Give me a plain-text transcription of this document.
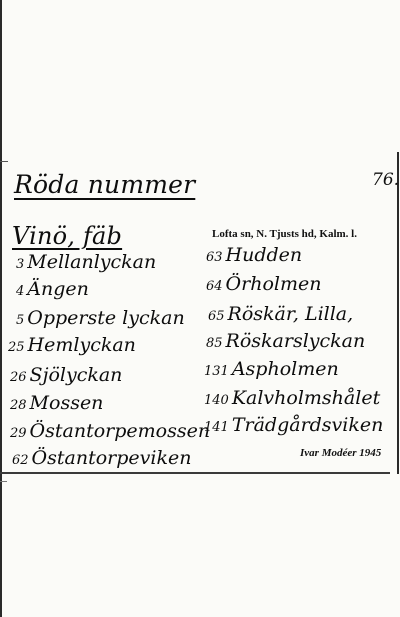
Röda nummer	76.
Vinö, fäb	Lofta sn, N. Tjusts hd, Kalm. l.
3 Mellanlyckan
4 Ängen
5 Opperste lyckan
25 Hemlyckan
26 Sjölyckan
28 Mossen
29 Östantorpemossen
62 Östantorpeviken
63 Hudden
64 Örholmen
65 Röskär, Lilla,
85 Röskarslyckan
131 Aspholmen
140 Kalvholmshålet
141 Trädgårdsviken
Ivar Modéer 1945
